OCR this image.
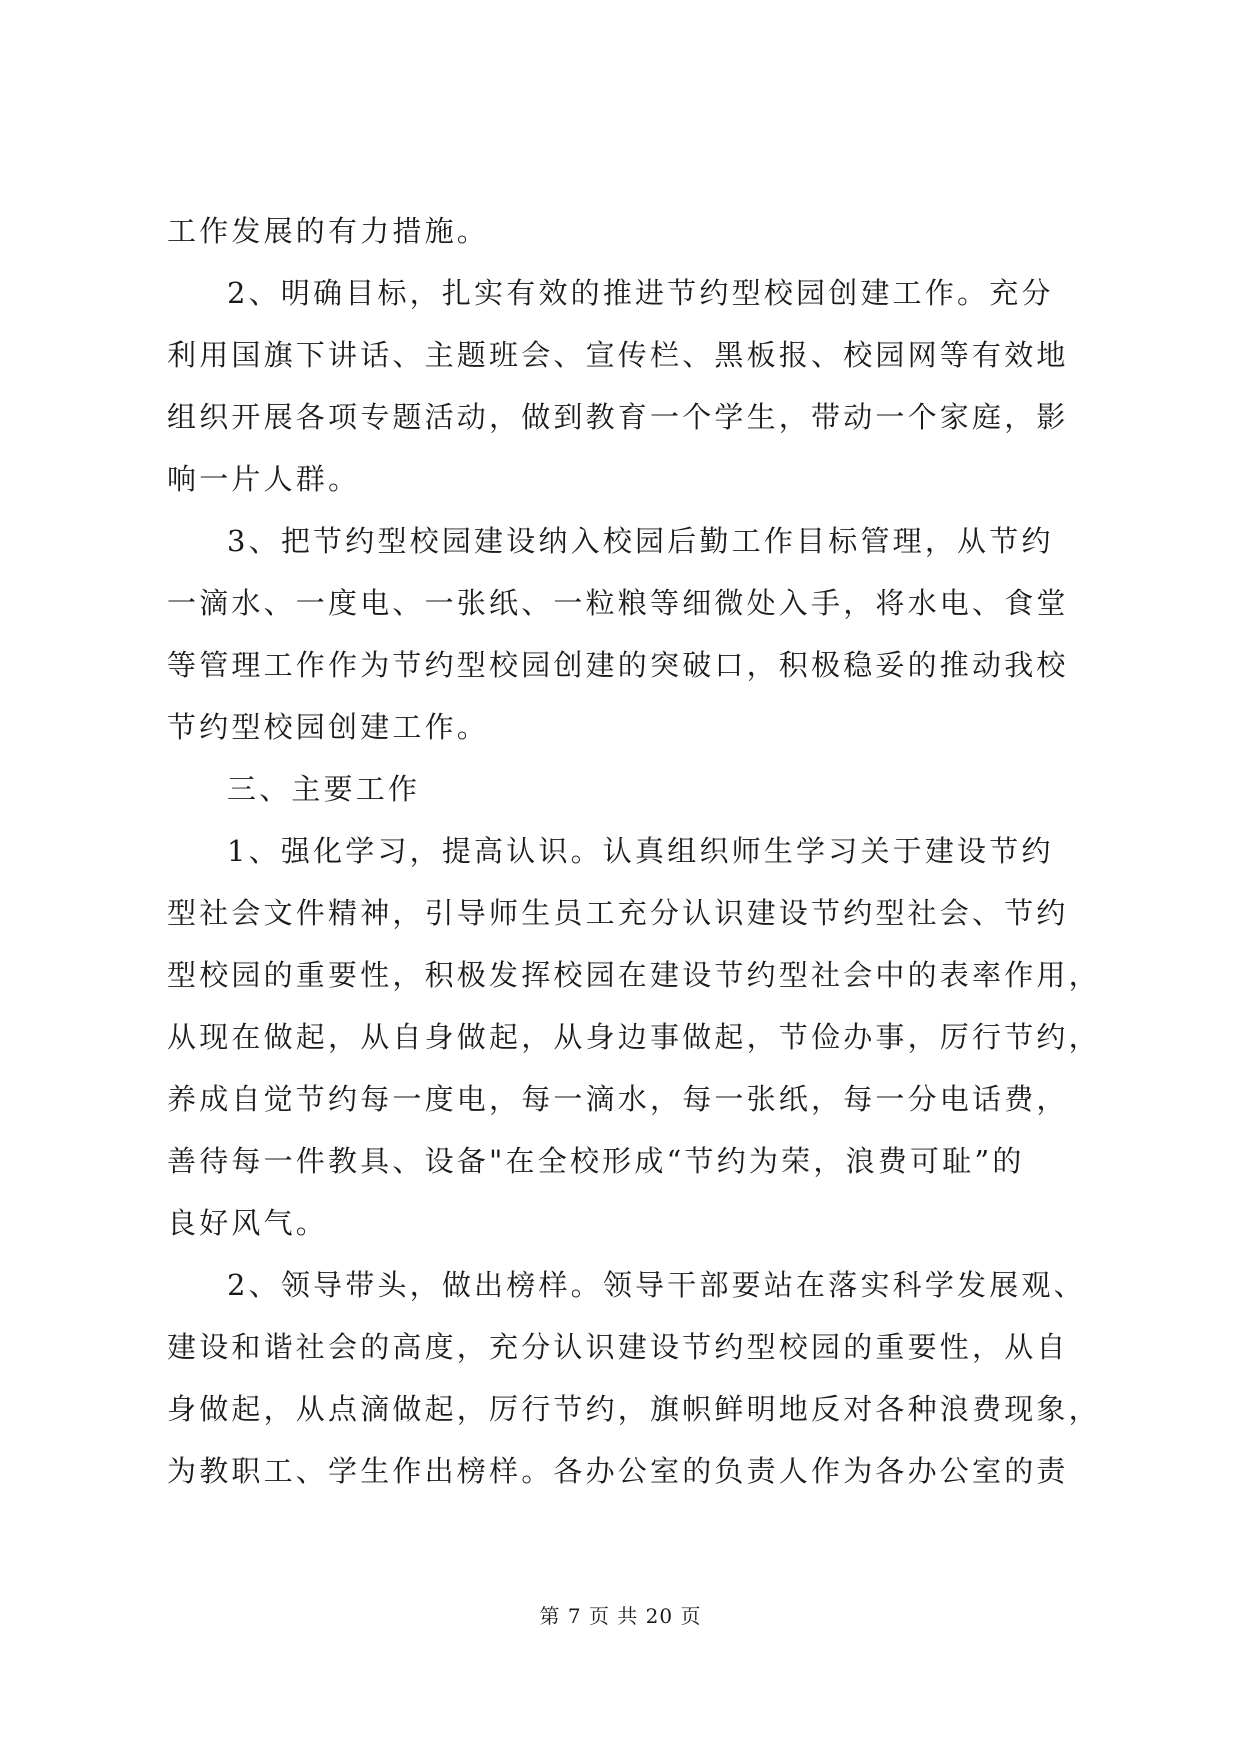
工作发展的有力措施。
2、明确目标，扎实有效的推进节约型校园创建工作。充分
利用国旗下讲话、主题班会、宣传栏、黑板报、校园网等有效地
组织开展各项专题活动，做到教育一个学生，带动一个家庭，影
响一片人群。
3、把节约型校园建设纳入校园后勤工作目标管理，从节约
一滴水、一度电、一张纸、一粒粮等细微处入手，将水电、食堂
等管理工作作为节约型校园创建的突破口，积极稳妥的推动我校
节约型校园创建工作。
三、主要工作
1、强化学习，提高认识。认真组织师生学习关于建设节约
型社会文件精神，引导师生员工充分认识建设节约型社会、节约
型校园的重要性，积极发挥校园在建设节约型社会中的表率作用，
从现在做起，从自身做起，从身边事做起，节俭办事，厉行节约，
养成自觉节约每一度电，每一滴水，每一张纸，每一分电话费，
善待每一件教具、设备"在全校形成“节约为荣，浪费可耻”的
良好风气。
2、领导带头，做出榜样。领导干部要站在落实科学发展观、
建设和谐社会的高度，充分认识建设节约型校园的重要性，从自
身做起，从点滴做起，厉行节约，旗帜鲜明地反对各种浪费现象，
为教职工、学生作出榜样。各办公室的负责人作为各办公室的责
第 7 页 共 20 页
